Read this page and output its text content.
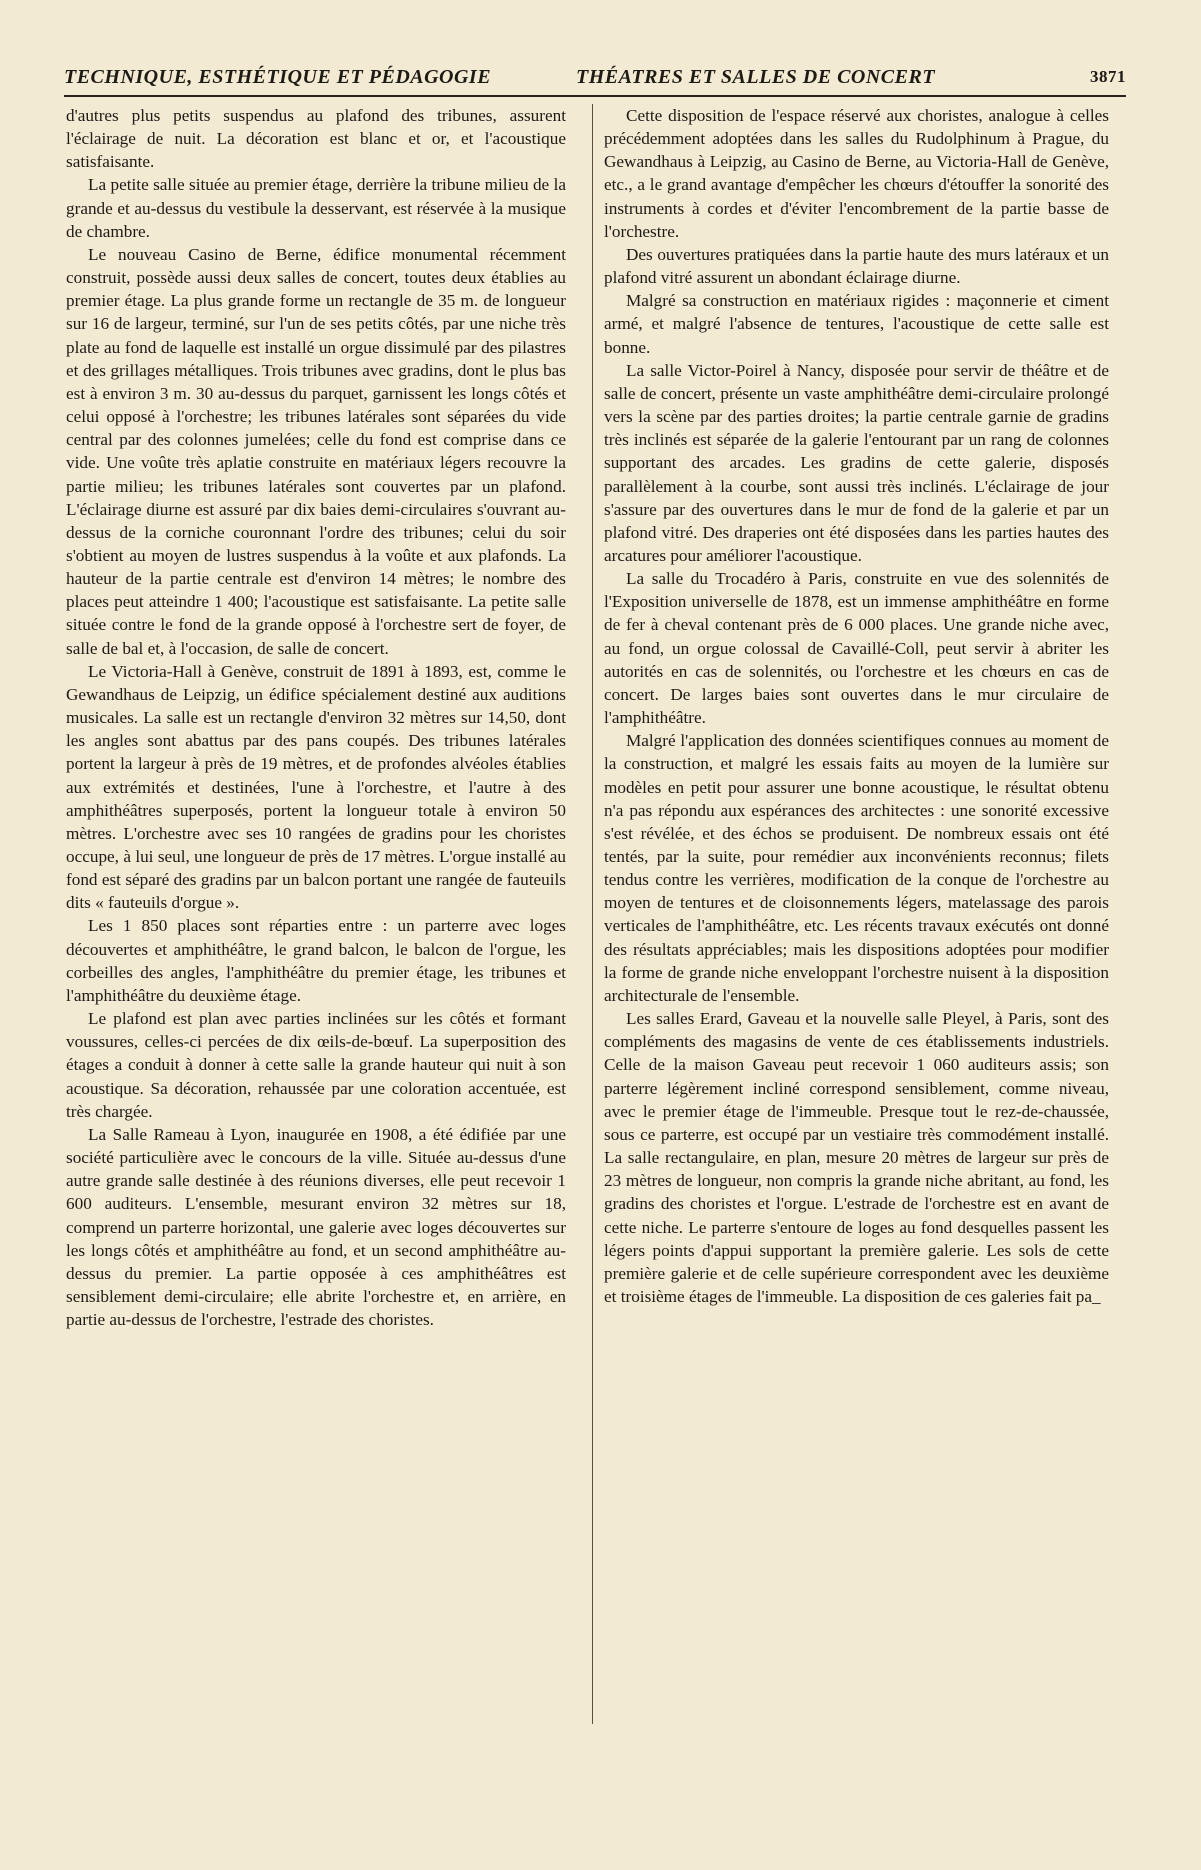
TECHNIQUE, ESTHÉTIQUE ET PÉDAGOGIE	THÉATRES ET SALLES DE CONCERT	3871

d'autres plus petits suspendus au plafond des tribunes, assurent l'éclairage de nuit. La décoration est blanc et or, et l'acoustique satisfaisante.

La petite salle située au premier étage, derrière la tribune milieu de la grande et au-dessus du vestibule la desservant, est réservée à la musique de chambre.

Le nouveau Casino de Berne, édifice monumental récemment construit, possède aussi deux salles de concert, toutes deux établies au premier étage. La plus grande forme un rectangle de 35 m. de longueur sur 16 de largeur, terminé, sur l'un de ses petits côtés, par une niche très plate au fond de laquelle est installé un orgue dissimulé par des pilastres et des grillages métalliques. Trois tribunes avec gradins, dont le plus bas est à environ 3 m. 30 au-dessus du parquet, garnissent les longs côtés et celui opposé à l'orchestre; les tribunes latérales sont séparées du vide central par des colonnes jumelées; celle du fond est comprise dans ce vide. Une voûte très aplatie construite en matériaux légers recouvre la partie milieu; les tribunes latérales sont couvertes par un plafond. L'éclairage diurne est assuré par dix baies demi-circulaires s'ouvrant au-dessus de la corniche couronnant l'ordre des tribunes; celui du soir s'obtient au moyen de lustres suspendus à la voûte et aux plafonds. La hauteur de la partie centrale est d'environ 14 mètres; le nombre des places peut atteindre 1 400; l'acoustique est satisfaisante. La petite salle située contre le fond de la grande opposé à l'orchestre sert de foyer, de salle de bal et, à l'occasion, de salle de concert.

Le Victoria-Hall à Genève, construit de 1891 à 1893, est, comme le Gewandhaus de Leipzig, un édifice spécialement destiné aux auditions musicales. La salle est un rectangle d'environ 32 mètres sur 14,50, dont les angles sont abattus par des pans coupés. Des tribunes latérales portent la largeur à près de 19 mètres, et de profondes alvéoles établies aux extrémités et destinées, l'une à l'orchestre, et l'autre à des amphithéâtres superposés, portent la longueur totale à environ 50 mètres. L'orchestre avec ses 10 rangées de gradins pour les choristes occupe, à lui seul, une longueur de près de 17 mètres. L'orgue installé au fond est séparé des gradins par un balcon portant une rangée de fauteuils dits « fauteuils d'orgue ».

Les 1 850 places sont réparties entre : un parterre avec loges découvertes et amphithéâtre, le grand balcon, le balcon de l'orgue, les corbeilles des angles, l'amphithéâtre du premier étage, les tribunes et l'amphithéâtre du deuxième étage.

Le plafond est plan avec parties inclinées sur les côtés et formant voussures, celles-ci percées de dix œils-de-bœuf. La superposition des étages a conduit à donner à cette salle la grande hauteur qui nuit à son acoustique. Sa décoration, rehaussée par une coloration accentuée, est très chargée.

La Salle Rameau à Lyon, inaugurée en 1908, a été édifiée par une société particulière avec le concours de la ville. Située au-dessus d'une autre grande salle destinée à des réunions diverses, elle peut recevoir 1 600 auditeurs. L'ensemble, mesurant environ 32 mètres sur 18, comprend un parterre horizontal, une galerie avec loges découvertes sur les longs côtés et amphithéâtre au fond, et un second amphithéâtre au-dessus du premier. La partie opposée à ces amphithéâtres est sensiblement demi-circulaire; elle abrite l'orchestre et, en arrière, en partie au-dessus de l'orchestre, l'estrade des choristes.

Cette disposition de l'espace réservé aux choristes, analogue à celles précédemment adoptées dans les salles du Rudolphinum à Prague, du Gewandhaus à Leipzig, au Casino de Berne, au Victoria-Hall de Genève, etc., a le grand avantage d'empêcher les chœurs d'étouffer la sonorité des instruments à cordes et d'éviter l'encombrement de la partie basse de l'orchestre.

Des ouvertures pratiquées dans la partie haute des murs latéraux et un plafond vitré assurent un abondant éclairage diurne.

Malgré sa construction en matériaux rigides : maçonnerie et ciment armé, et malgré l'absence de tentures, l'acoustique de cette salle est bonne.

La salle Victor-Poirel à Nancy, disposée pour servir de théâtre et de salle de concert, présente un vaste amphithéâtre demi-circulaire prolongé vers la scène par des parties droites; la partie centrale garnie de gradins très inclinés est séparée de la galerie l'entourant par un rang de colonnes supportant des arcades. Les gradins de cette galerie, disposés parallèlement à la courbe, sont aussi très inclinés. L'éclairage de jour s'assure par des ouvertures dans le mur de fond de la galerie et par un plafond vitré. Des draperies ont été disposées dans les parties hautes des arcatures pour améliorer l'acoustique.

La salle du Trocadéro à Paris, construite en vue des solennités de l'Exposition universelle de 1878, est un immense amphithéâtre en forme de fer à cheval contenant près de 6 000 places. Une grande niche avec, au fond, un orgue colossal de Cavaillé-Coll, peut servir à abriter les autorités en cas de solennités, ou l'orchestre et les chœurs en cas de concert. De larges baies sont ouvertes dans le mur circulaire de l'amphithéâtre.

Malgré l'application des données scientifiques connues au moment de la construction, et malgré les essais faits au moyen de la lumière sur modèles en petit pour assurer une bonne acoustique, le résultat obtenu n'a pas répondu aux espérances des architectes : une sonorité excessive s'est révélée, et des échos se produisent. De nombreux essais ont été tentés, par la suite, pour remédier aux inconvénients reconnus; filets tendus contre les verrières, modification de la conque de l'orchestre au moyen de tentures et de cloisonnements légers, matelassage des parois verticales de l'amphithéâtre, etc. Les récents travaux exécutés ont donné des résultats appréciables; mais les dispositions adoptées pour modifier la forme de grande niche enveloppant l'orchestre nuisent à la disposition architecturale de l'ensemble.

Les salles Erard, Gaveau et la nouvelle salle Pleyel, à Paris, sont des compléments des magasins de vente de ces établissements industriels. Celle de la maison Gaveau peut recevoir 1 060 auditeurs assis; son parterre légèrement incliné correspond sensiblement, comme niveau, avec le premier étage de l'immeuble. Presque tout le rez-de-chaussée, sous ce parterre, est occupé par un vestiaire très commodément installé. La salle rectangulaire, en plan, mesure 20 mètres de largeur sur près de 23 mètres de longueur, non compris la grande niche abritant, au fond, les gradins des choristes et l'orgue. L'estrade de l'orchestre est en avant de cette niche. Le parterre s'entoure de loges au fond desquelles passent les légers points d'appui supportant la première galerie. Les sols de cette première galerie et de celle supérieure correspondent avec les deuxième et troisième étages de l'immeuble. La disposition de ces galeries fait pa_
